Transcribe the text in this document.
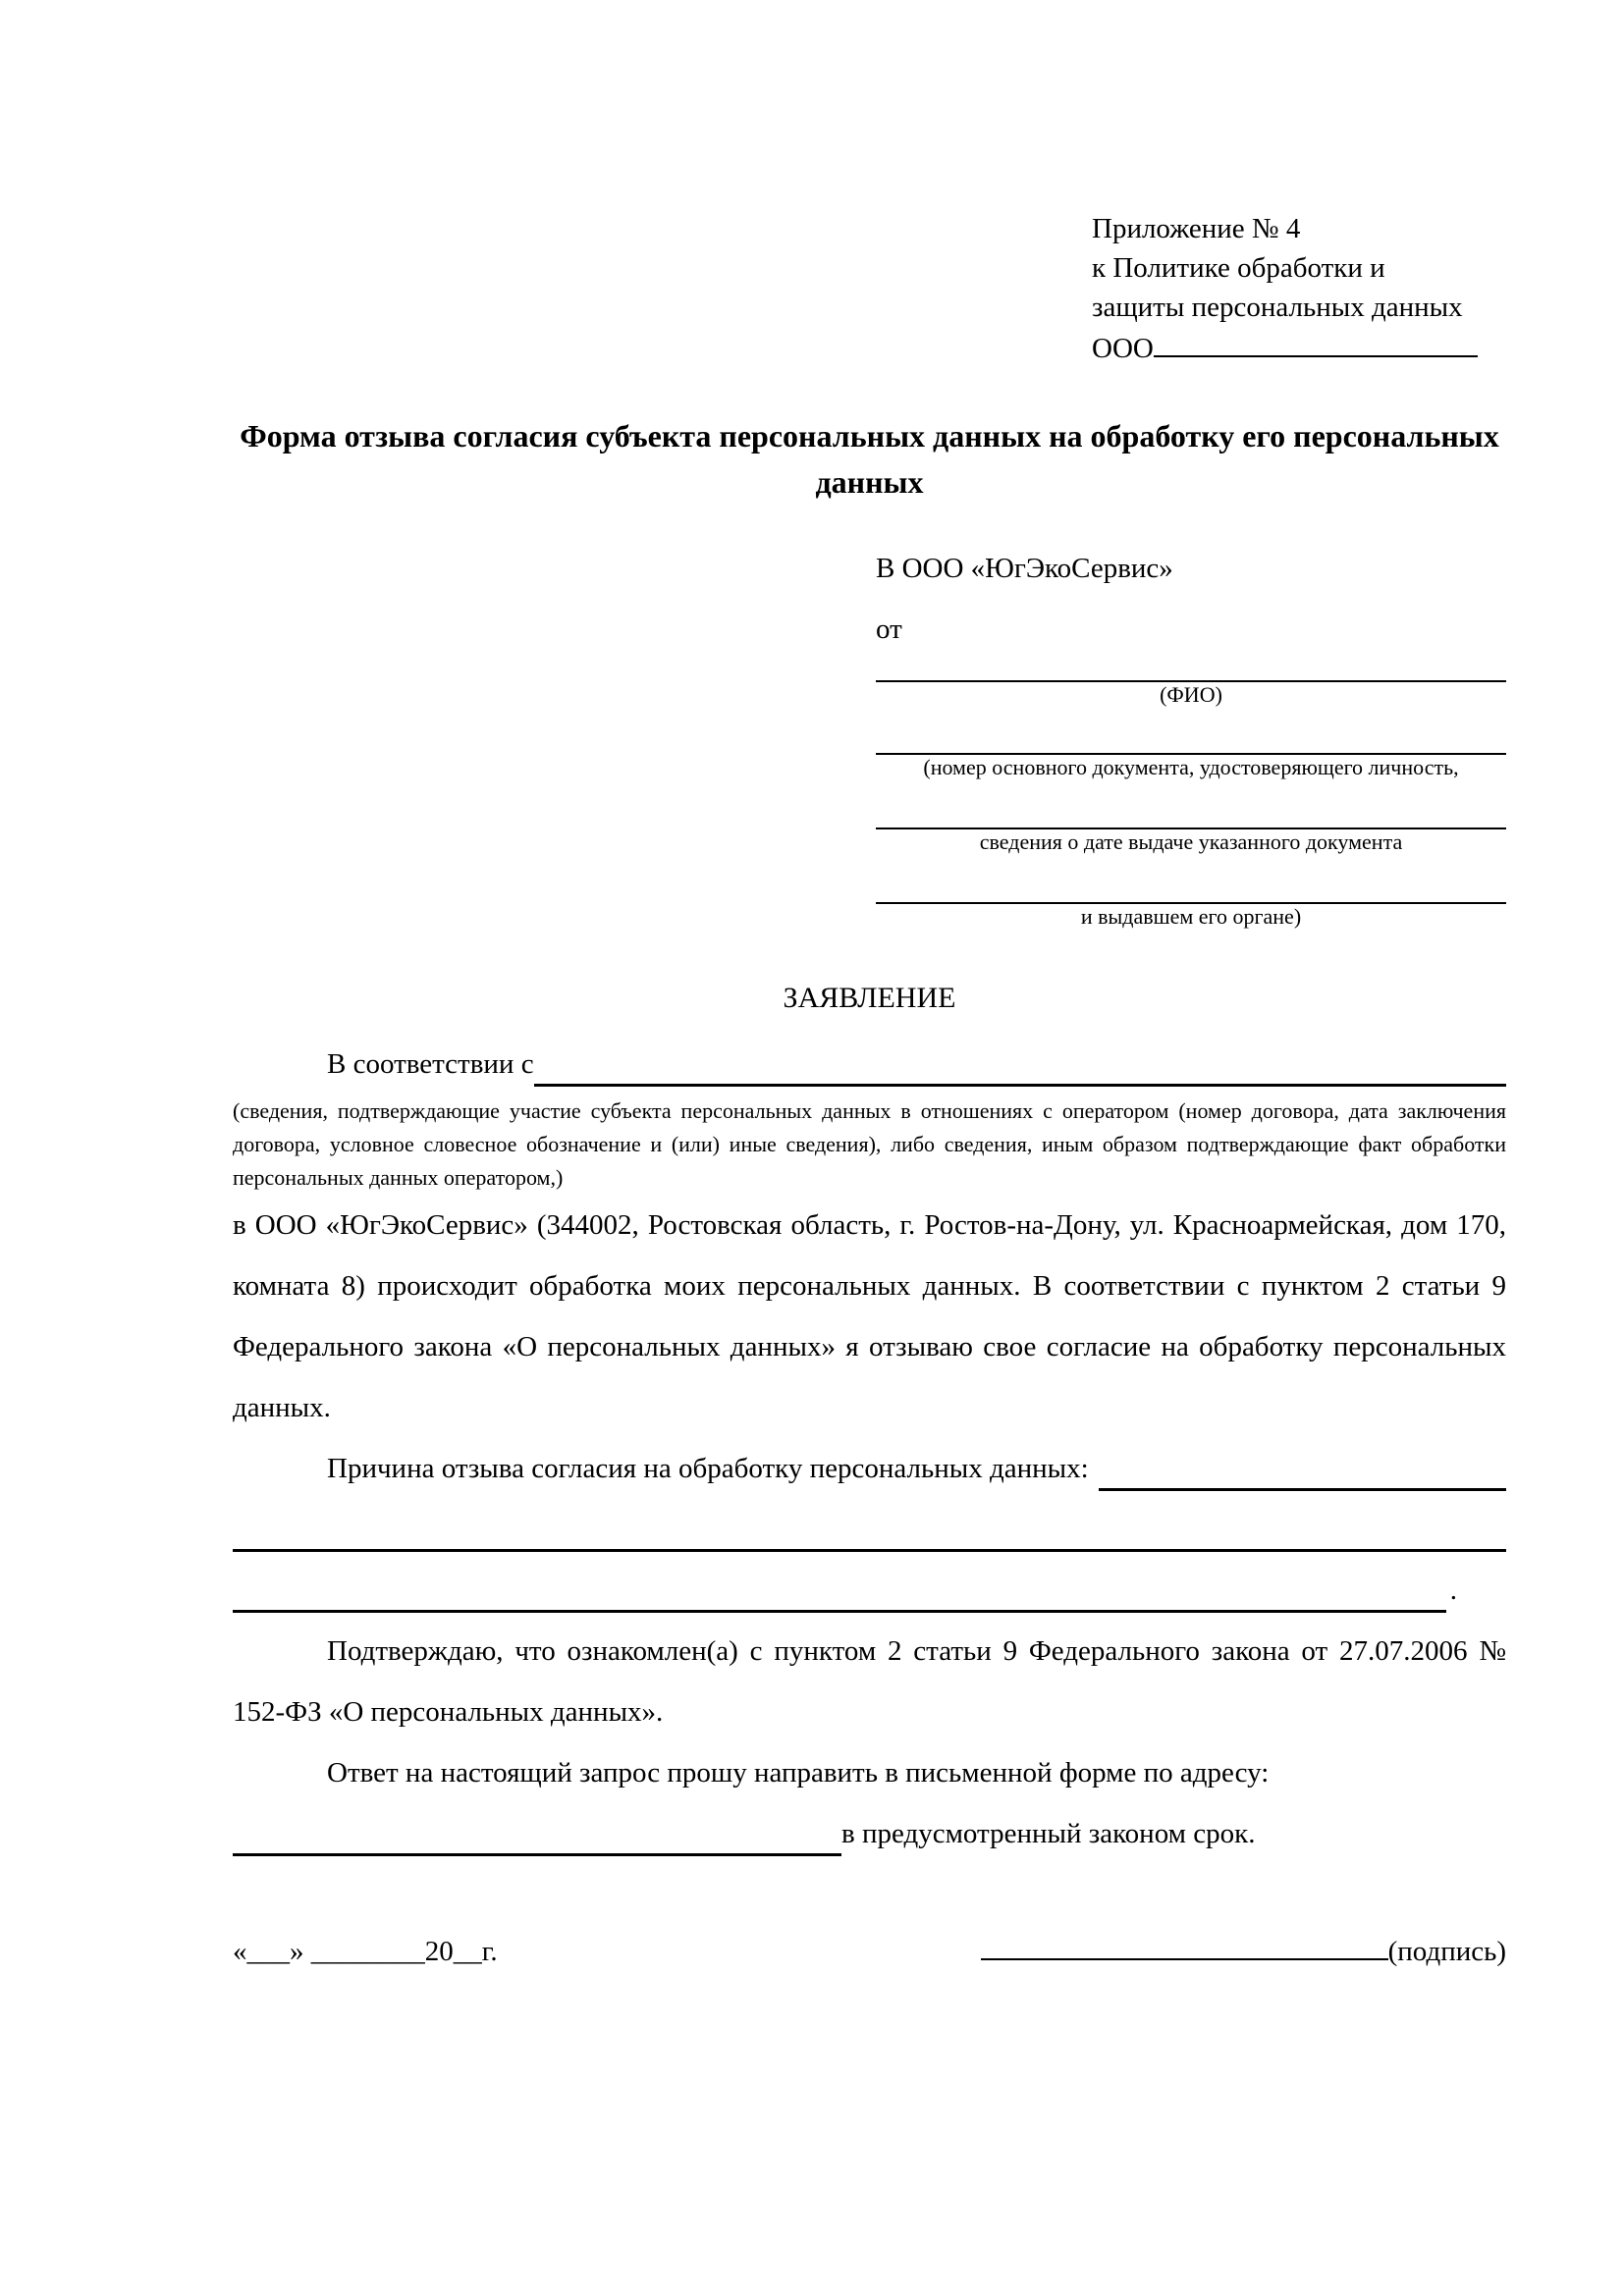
Приложение № 4
к Политике обработки и
защиты персональных данных
ООО
Форма отзыва согласия субъекта персональных данных на обработку его персональных данных
В ООО «ЮгЭкоСервис»
от
(ФИО)
(номер основного документа, удостоверяющего личность,
сведения о дате выдаче указанного документа
и выдавшем его органе)
ЗАЯВЛЕНИЕ
В соответствии с
(сведения, подтверждающие участие субъекта персональных данных в отношениях с оператором (номер договора, дата заключения договора, условное словесное обозначение и (или) иные сведения), либо сведения, иным образом подтверждающие факт обработки персональных данных оператором,)

в ООО «ЮгЭкоСервис» (344002, Ростовская область, г. Ростов-на-Дону, ул. Красноармейская, дом 170, комната 8) происходит обработка моих персональных данных. В соответствии с пунктом 2 статьи 9 Федерального закона «О персональных данных» я отзываю свое согласие на обработку персональных данных.

Причина отзыва согласия на обработку персональных данных:
.

Подтверждаю, что ознакомлен(а) с пунктом 2 статьи 9 Федерального закона от 27.07.2006 № 152-ФЗ «О персональных данных».

Ответ на настоящий запрос прошу направить в письменной форме по адресу:

в предусмотренный законом срок.
«___» ________20__г.	(подпись)
